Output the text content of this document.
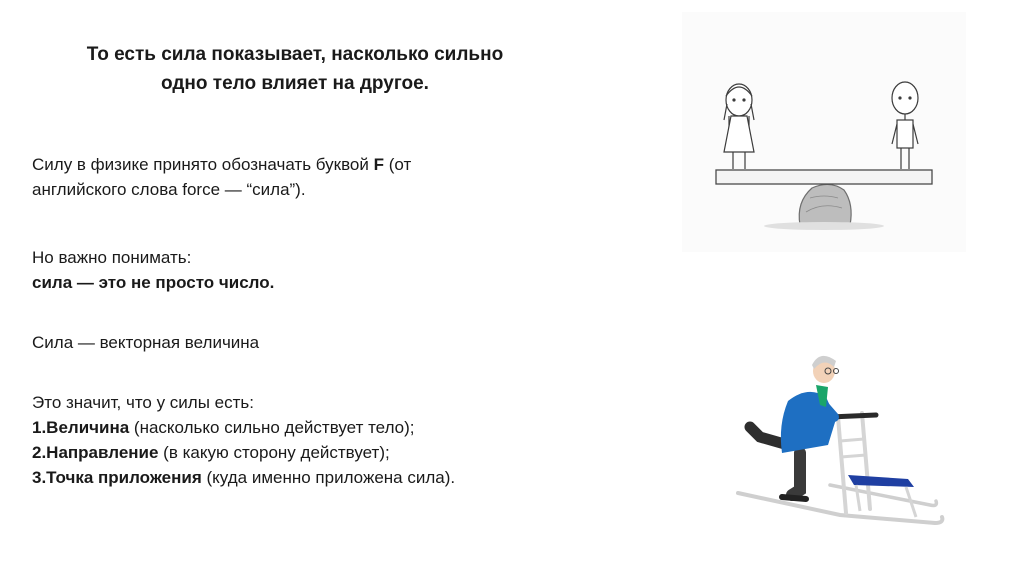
То есть сила показывает, насколько сильно
одно тело влияет на другое.
Силу в физике принято обозначать буквой F (от
английского слова force — “сила”).
Но важно понимать:
сила — это не просто число.
Сила — векторная величина
Это значит, что у силы есть:
1.Величина (насколько сильно действует тело);
2.Направление (в какую сторону действует);
3.Точка приложения (куда именно приложена сила).
